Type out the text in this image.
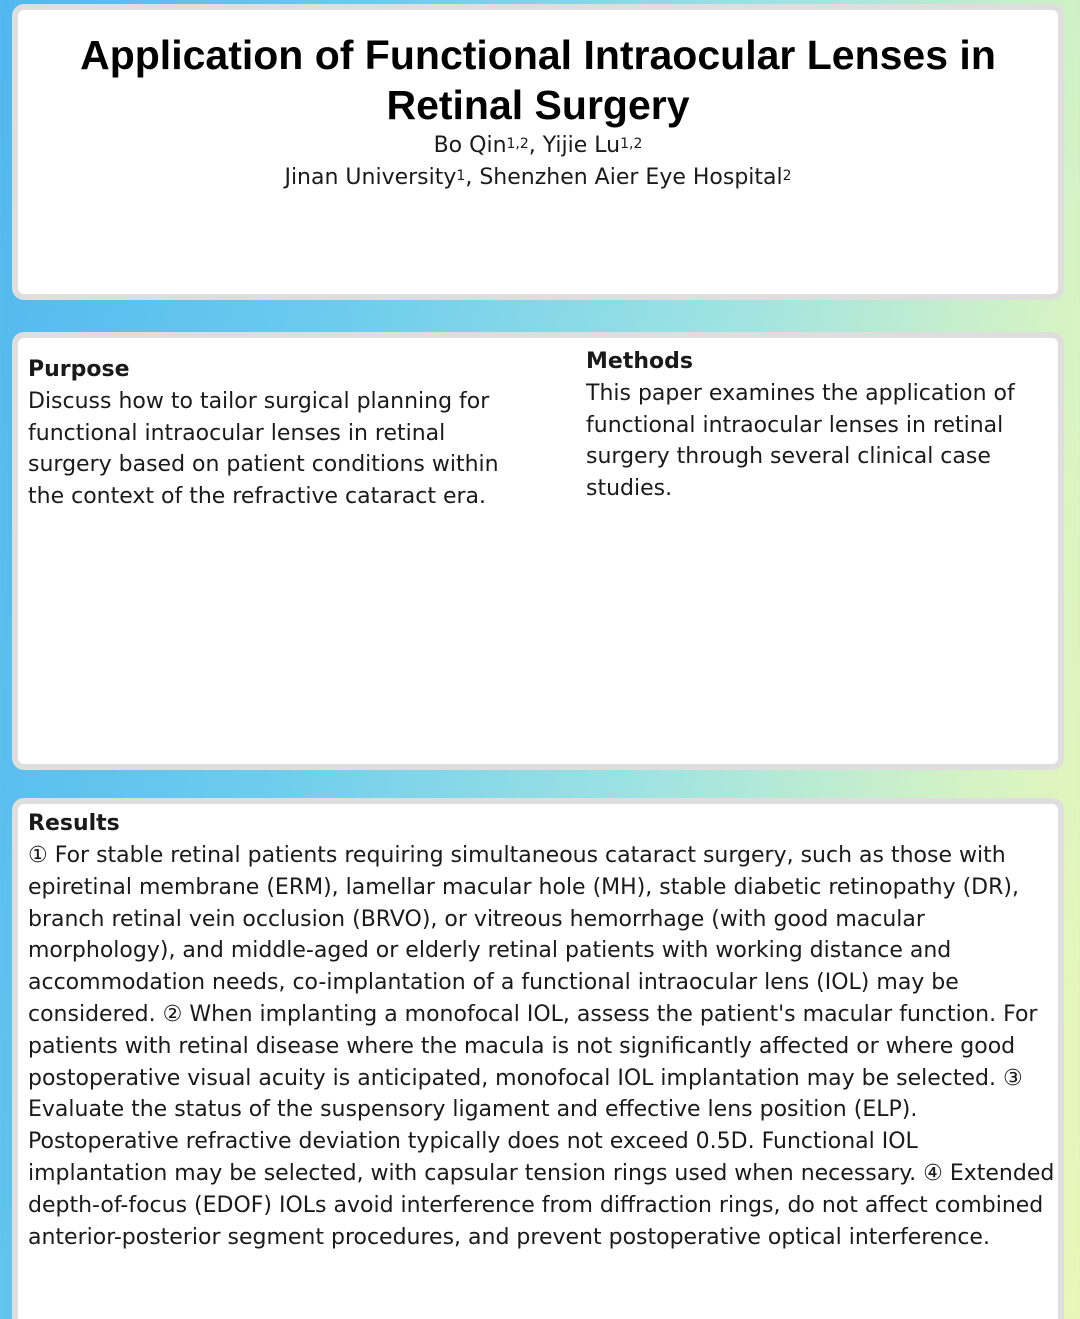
Application of Functional Intraocular Lenses in Retinal Surgery
Bo Qin$^{1,2}$, Yijie Lu$^{1,2}$
Jinan University$^1$, Shenzhen Aier Eye Hospital$^2$
Purpose
Discuss how to tailor surgical planning for functional intraocular lenses in retinal surgery based on patient conditions within the context of the refractive cataract era.
Methods
This paper examines the application of functional intraocular lenses in retinal surgery through several clinical case studies.
Results
① For stable retinal patients requiring simultaneous cataract surgery, such as those with epiretinal membrane (ERM), lamellar macular hole (MH), stable diabetic retinopathy (DR), branch retinal vein occlusion (BRVO), or vitreous hemorrhage (with good macular morphology), and middle-aged or elderly retinal patients with working distance and accommodation needs, co-implantation of a functional intraocular lens (IOL) may be considered. ② When implanting a monofocal IOL, assess the patient's macular function. For patients with retinal disease where the macula is not significantly affected or where good postoperative visual acuity is anticipated, monofocal IOL implantation may be selected. ③ Evaluate the status of the suspensory ligament and effective lens position (ELP). Postoperative refractive deviation typically does not exceed 0.5D. Functional IOL implantation may be selected, with capsular tension rings used when necessary. ④ Extended depth-of-focus (EDOF) IOLs avoid interference from diffraction rings, do not affect combined anterior-posterior segment procedures, and prevent postoperative optical interference.
